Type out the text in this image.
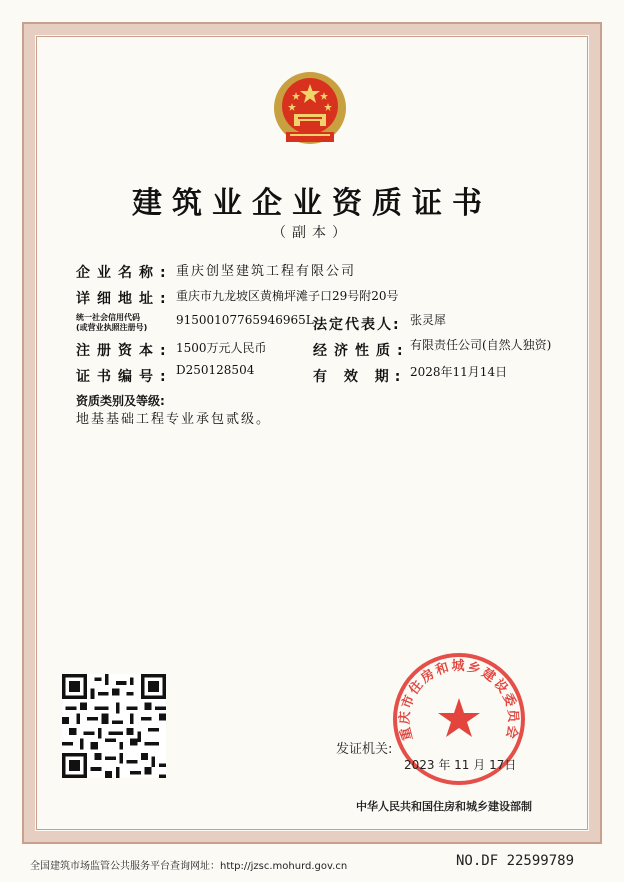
建筑业企业资质证书
（副本）
企业名称: 重庆创坚建筑工程有限公司
详细地址: 重庆市九龙坡区黄桷坪滩子口29号附20号
统一社会信用代码
(或营业执照注册号)
91500107765946965L 法定代表人: 张灵犀
注册资本: 1500万元人民币	经济性质: 有限责任公司(自然人独资)
证书编号: D250128504	有 效 期: 2028年11月14日
资质类别及等级:
地基基础工程专业承包贰级。
发证机关:
重庆市住房和城乡建设委员会
2023 年 11 月 17日
中华人民共和国住房和城乡建设部制
全国建筑市场监管公共服务平台查询网址：http://jzsc.mohurd.gov.cn	NO.DF 22599789
